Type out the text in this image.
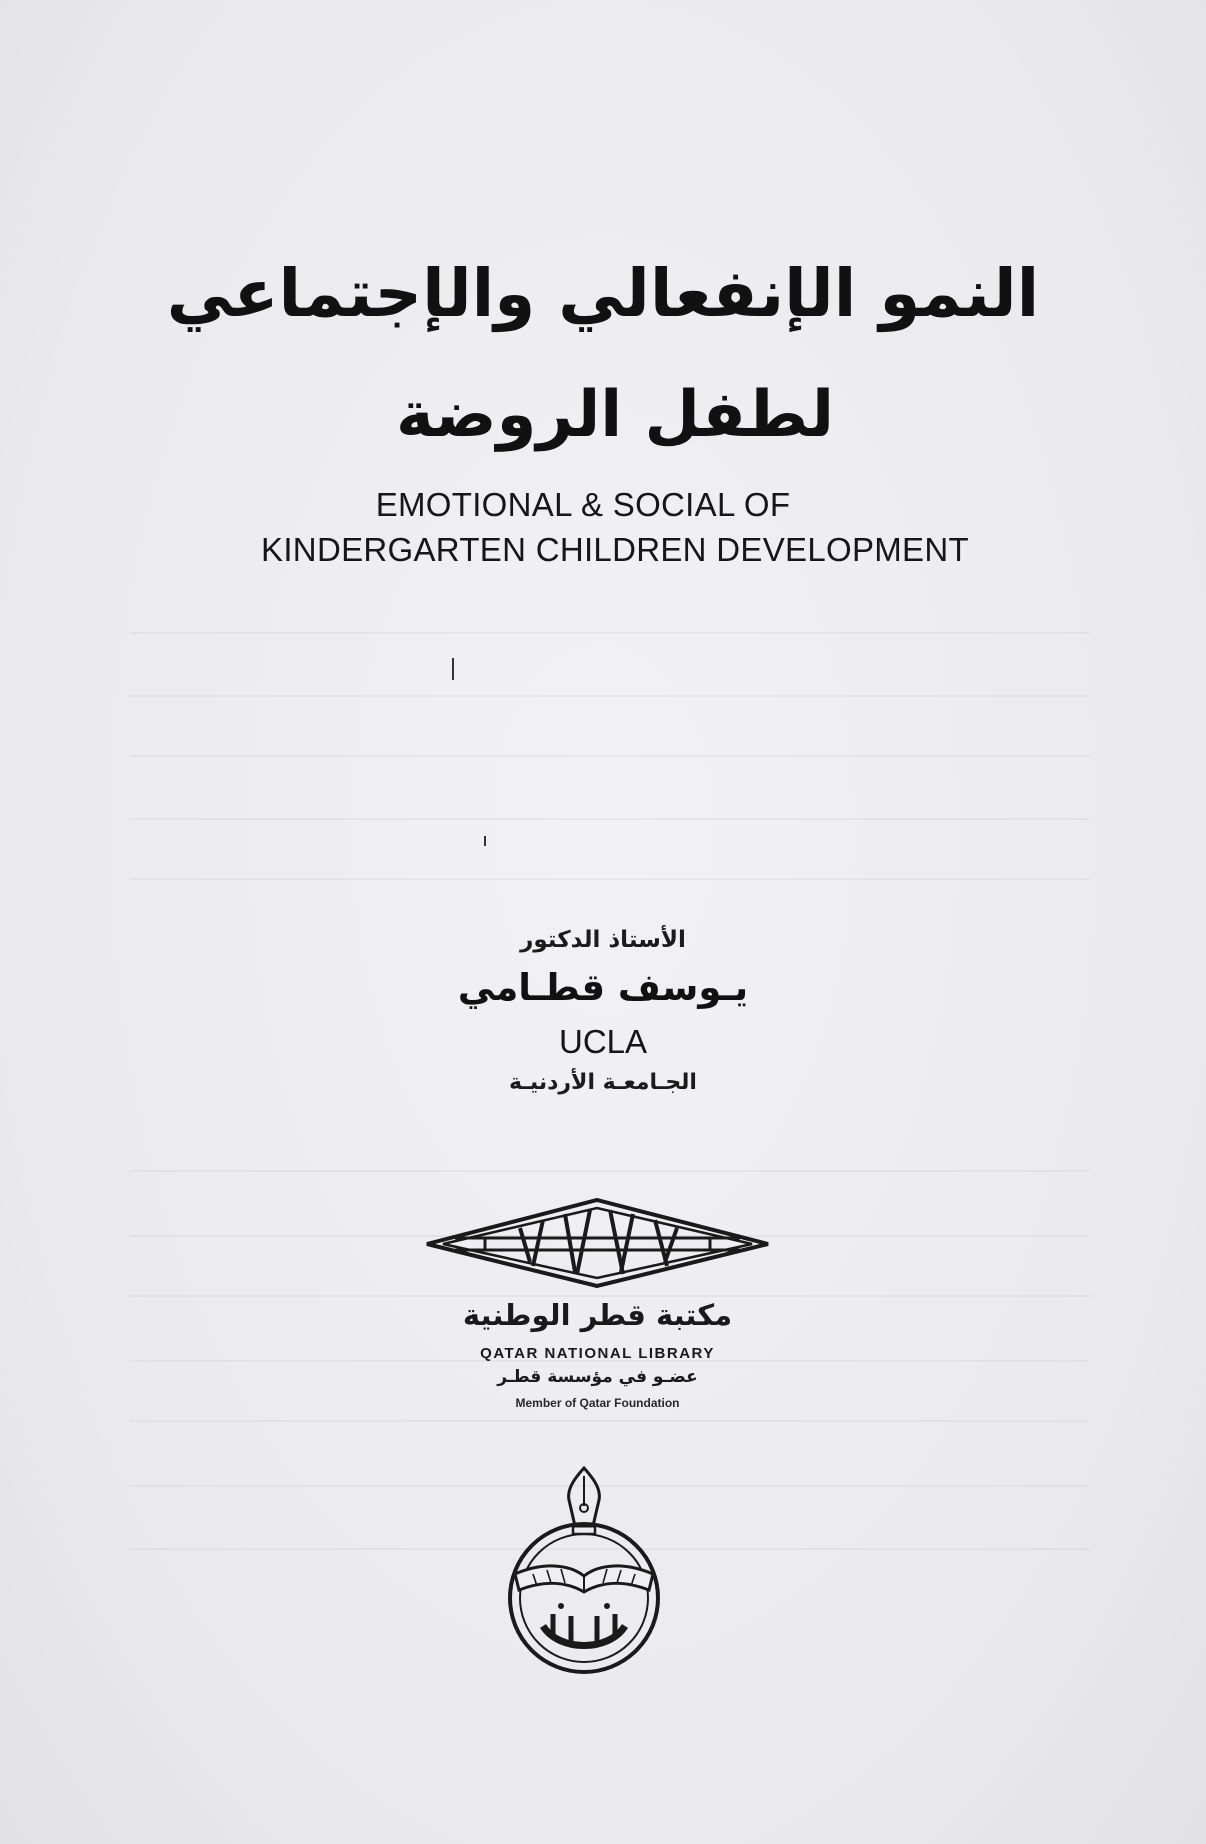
النمو الإنفعالي والإجتماعي
لطفل الروضة

EMOTIONAL & SOCIAL OF

KINDERGARTEN CHILDREN DEVELOPMENT

الأستاذ الدكتور

يـوسف قطـامي

UCLA

الجـامعـة الأردنيـة

مكتبة قطر الوطنية
QATAR NATIONAL LIBRARY
عضـو في مؤسسة قطـر
Member of Qatar Foundation
